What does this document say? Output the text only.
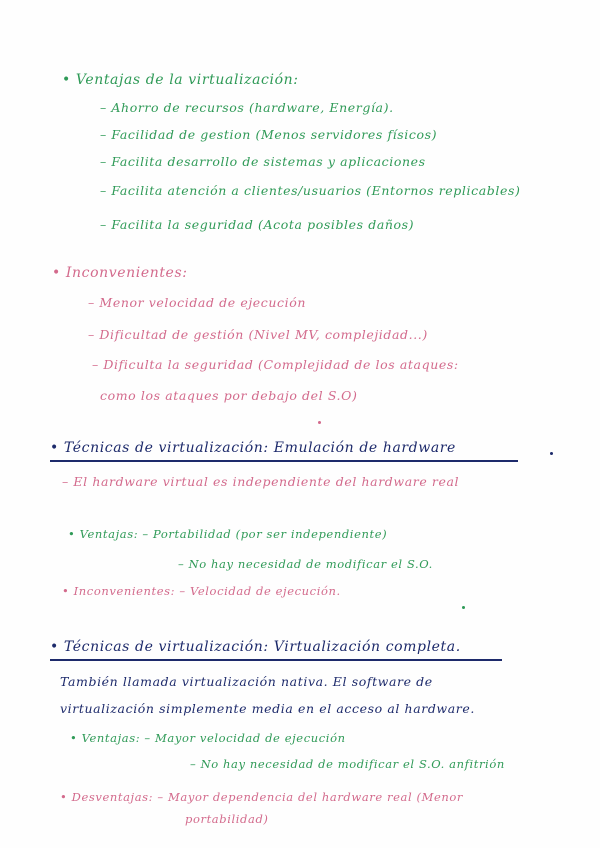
• Ventajas de la virtualización:
– Ahorro de recursos (hardware, Energía).
– Facilidad de gestion (Menos servidores físicos)
– Facilita desarrollo de sistemas y aplicaciones
– Facilita atención a clientes/usuarios (Entornos replicables)
– Facilita la seguridad (Acota posibles daños)
• Inconvenientes:
– Menor velocidad de ejecución
– Dificultad de gestión (Nivel MV, complejidad...)
– Dificulta la seguridad (Complejidad de los ataques:
como los ataques por debajo del S.O)
• Técnicas de virtualización: Emulación de hardware
– El hardware virtual es independiente del hardware real
• Ventajas: – Portabilidad (por ser independiente)
– No hay necesidad de modificar el S.O.
• Inconvenientes: – Velocidad de ejecución.
• Técnicas de virtualización: Virtualización completa.
También llamada virtualización nativa. El software de
virtualización simplemente media en el acceso al hardware.
• Ventajas: – Mayor velocidad de ejecución
– No hay necesidad de modificar el S.O. anfitrión
• Desventajas: – Mayor dependencia del hardware real (Menor
portabilidad)
